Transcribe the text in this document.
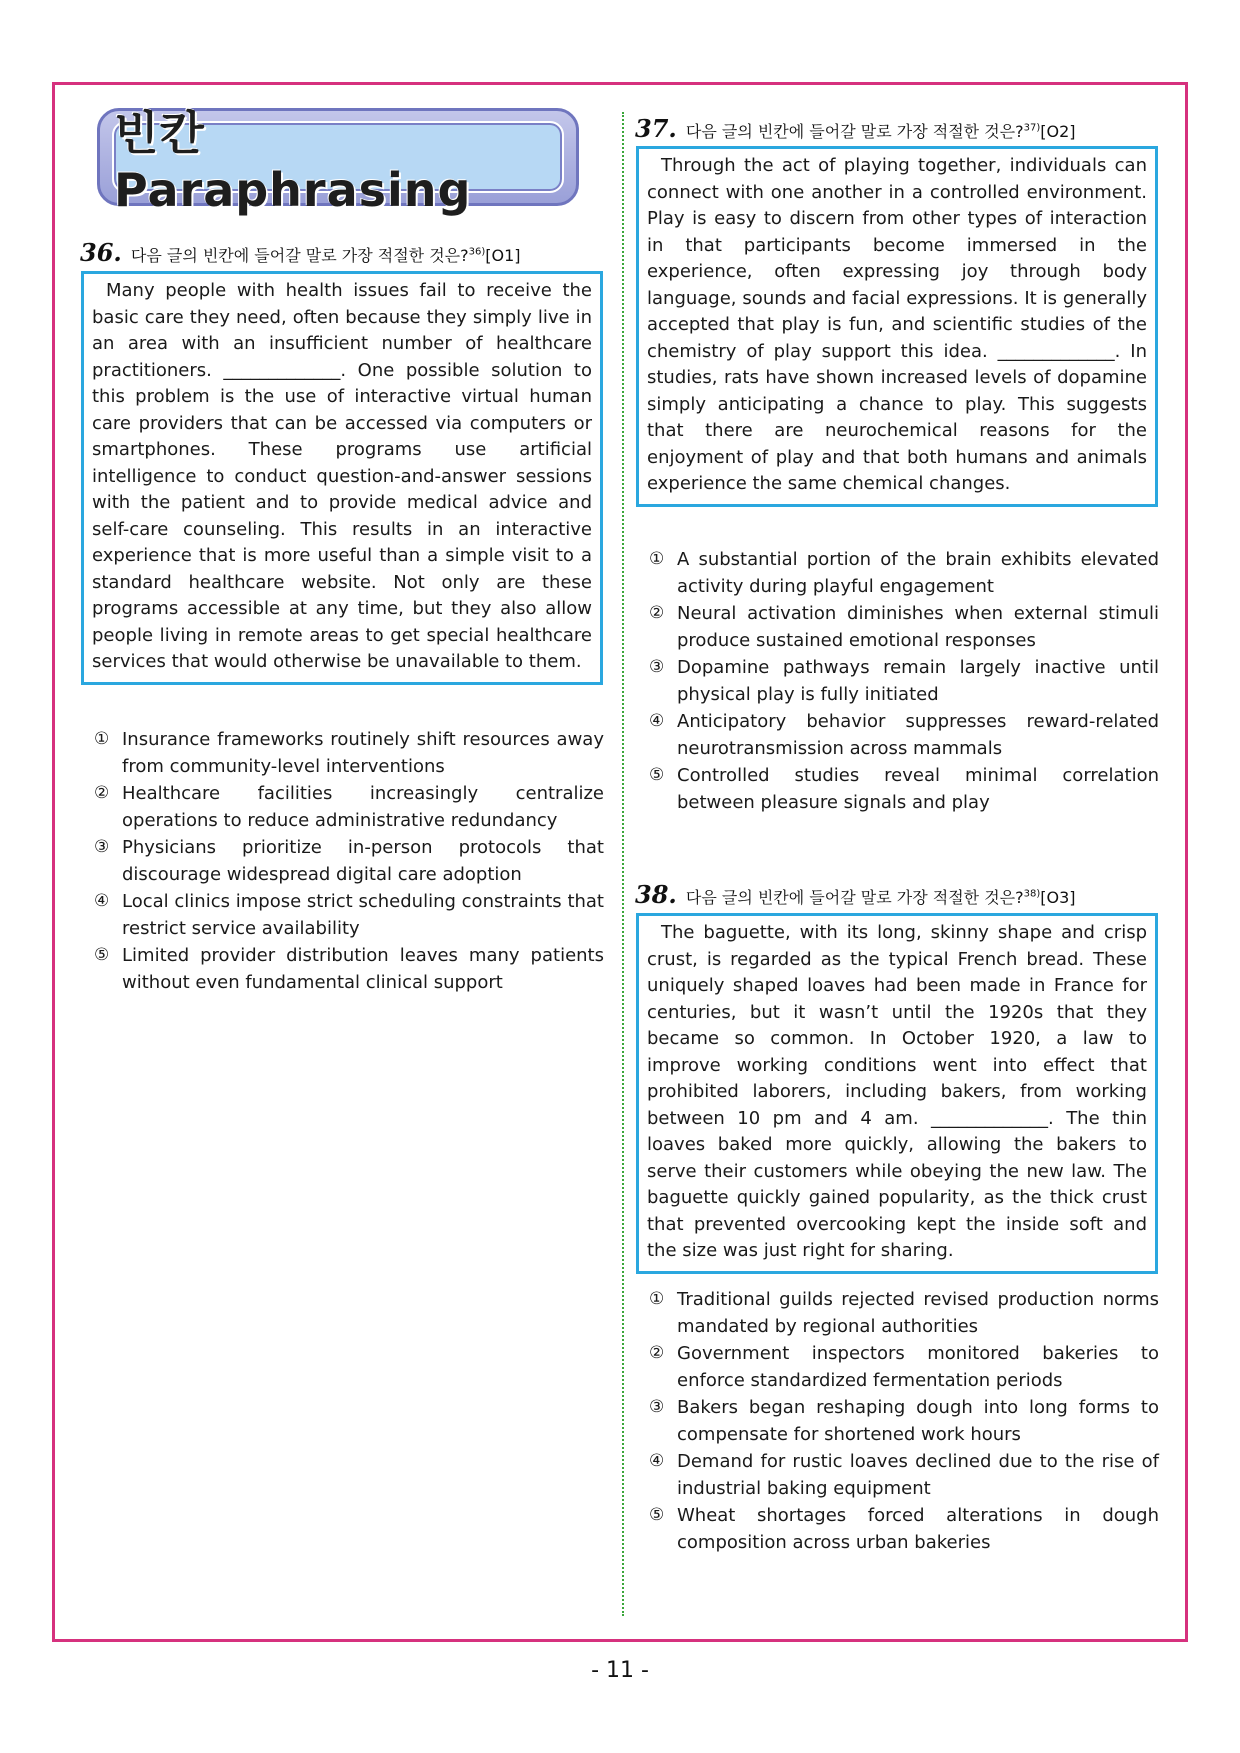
빈칸 Paraphrasing
36. 다음 글의 빈칸에 들어갈 말로 가장 적절한 것은?$^{36)}$[O1]
Many people with health issues fail to receive the basic care they need, often because they simply live in an area with an insufficient number of healthcare practitioners. _____________. One possible solution to this problem is the use of interactive virtual human care providers that can be accessed via computers or smartphones. These programs use artificial intelligence to conduct question-and-answer sessions with the patient and to provide medical advice and self-care counseling. This results in an interactive experience that is more useful than a simple visit to a standard healthcare website. Not only are these programs accessible at any time, but they also allow people living in remote areas to get special healthcare services that would otherwise be unavailable to them.
① Insurance frameworks routinely shift resources away from community-level interventions
② Healthcare facilities increasingly centralize operations to reduce administrative redundancy
③ Physicians prioritize in-person protocols that discourage widespread digital care adoption
④ Local clinics impose strict scheduling constraints that restrict service availability
⑤ Limited provider distribution leaves many patients without even fundamental clinical support
37. 다음 글의 빈칸에 들어갈 말로 가장 적절한 것은?$^{37)}$[O2]
Through the act of playing together, individuals can connect with one another in a controlled environment. Play is easy to discern from other types of interaction in that participants become immersed in the experience, often expressing joy through body language, sounds and facial expressions. It is generally accepted that play is fun, and scientific studies of the chemistry of play support this idea. _____________. In studies, rats have shown increased levels of dopamine simply anticipating a chance to play. This suggests that there are neurochemical reasons for the enjoyment of play and that both humans and animals experience the same chemical changes.
① A substantial portion of the brain exhibits elevated activity during playful engagement
② Neural activation diminishes when external stimuli produce sustained emotional responses
③ Dopamine pathways remain largely inactive until physical play is fully initiated
④ Anticipatory behavior suppresses reward-related neurotransmission across mammals
⑤ Controlled studies reveal minimal correlation between pleasure signals and play
38. 다음 글의 빈칸에 들어갈 말로 가장 적절한 것은?$^{38)}$[O3]
The baguette, with its long, skinny shape and crisp crust, is regarded as the typical French bread. These uniquely shaped loaves had been made in France for centuries, but it wasn’t until the 1920s that they became so common. In October 1920, a law to improve working conditions went into effect that prohibited laborers, including bakers, from working between 10 pm and 4 am. _____________. The thin loaves baked more quickly, allowing the bakers to serve their customers while obeying the new law. The baguette quickly gained popularity, as the thick crust that prevented overcooking kept the inside soft and the size was just right for sharing.
① Traditional guilds rejected revised production norms mandated by regional authorities
② Government inspectors monitored bakeries to enforce standardized fermentation periods
③ Bakers began reshaping dough into long forms to compensate for shortened work hours
④ Demand for rustic loaves declined due to the rise of industrial baking equipment
⑤ Wheat shortages forced alterations in dough composition across urban bakeries
- 11 -
